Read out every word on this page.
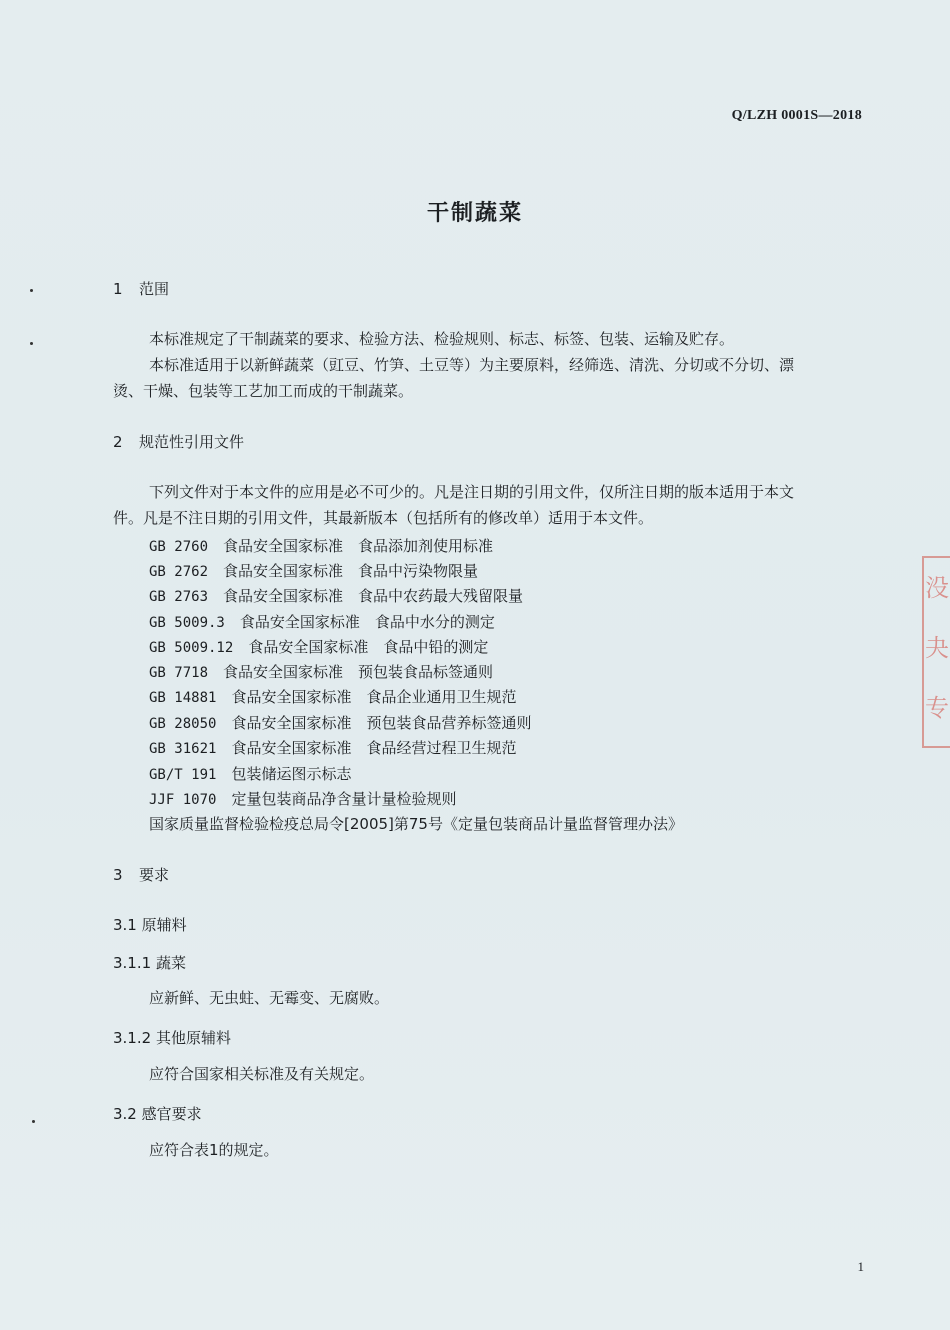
Q/LZH 0001S—2018
干制蔬菜
1 范围
本标准规定了干制蔬菜的要求、检验方法、检验规则、标志、标签、包装、运输及贮存。
本标准适用于以新鲜蔬菜（豇豆、竹笋、土豆等）为主要原料，经筛选、清洗、分切或不分切、漂
烫、干燥、包装等工艺加工而成的干制蔬菜。
2 规范性引用文件
下列文件对于本文件的应用是必不可少的。凡是注日期的引用文件，仅所注日期的版本适用于本文
件。凡是不注日期的引用文件，其最新版本（包括所有的修改单）适用于本文件。
GB 2760　 食品安全国家标准　食品添加剂使用标准
GB 2762　 食品安全国家标准　食品中污染物限量
GB 2763　 食品安全国家标准　食品中农药最大残留限量
GB 5009.3　 食品安全国家标准　食品中水分的测定
GB 5009.12　 食品安全国家标准　食品中铅的测定
GB 7718　 食品安全国家标准　预包装食品标签通则
GB 14881　 食品安全国家标准　食品企业通用卫生规范
GB 28050　 食品安全国家标准　预包装食品营养标签通则
GB 31621　 食品安全国家标准　食品经营过程卫生规范
GB/T 191　 包装储运图示标志
JJF 1070　 定量包装商品净含量计量检验规则
国家质量监督检验检疫总局令[2005]第75号《定量包装商品计量监督管理办法》
3 要求
3.1 原辅料
3.1.1 蔬菜
应新鲜、无虫蛀、无霉变、无腐败。
3.1.2 其他原辅料
应符合国家相关标准及有关规定。
3.2 感官要求
应符合表1的规定。
没
夬
专
1
